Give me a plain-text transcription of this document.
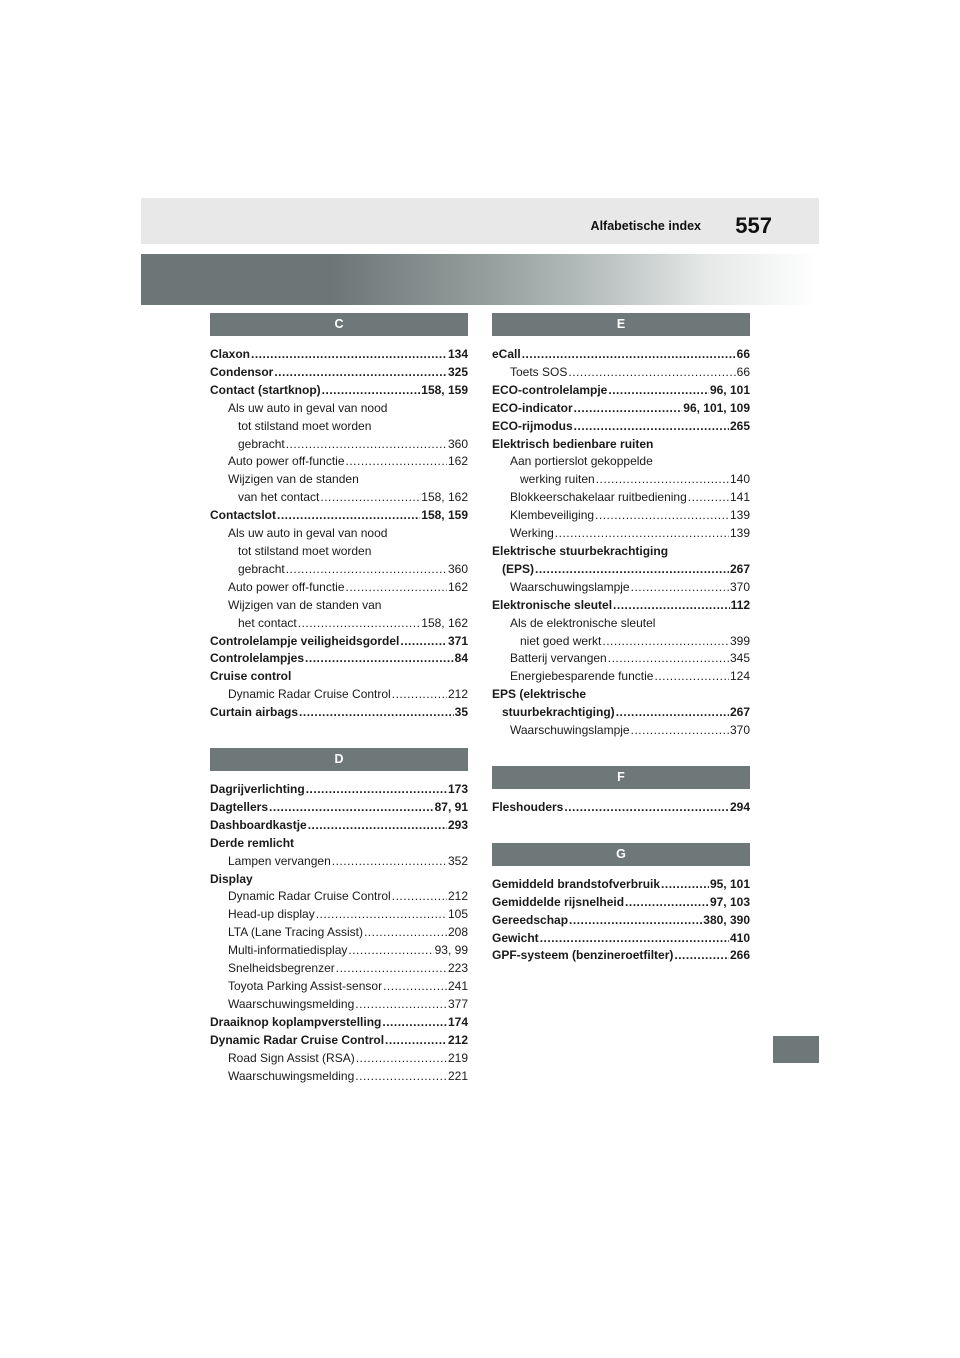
Alfabetische index 557
C
Claxon .....	134
Condensor .....	325
Contact (startknop) .....	158, 159
Als uw auto in geval van nood
tot stilstand moet worden
gebracht .....	360
Auto power off-functie .....	162
Wijzigen van de standen
van het contact .....	158, 162
Contactslot .....	158, 159
Als uw auto in geval van nood
tot stilstand moet worden
gebracht .....	360
Auto power off-functie .....	162
Wijzigen van de standen van
het contact .....	158, 162
Controlelampje veiligheidsgordel .....	371
Controlelampjes .....	84
Cruise control
Dynamic Radar Cruise Control .....	212
Curtain airbags .....	35
D
Dagrijverlichting .....	173
Dagtellers .....	87, 91
Dashboardkastje .....	293
Derde remlicht
Lampen vervangen .....	352
Display
Dynamic Radar Cruise Control .....	212
Head-up display .....	105
LTA (Lane Tracing Assist) .....	208
Multi-informatiedisplay .....	93, 99
Snelheidsbegrenzer .....	223
Toyota Parking Assist-sensor .....	241
Waarschuwingsmelding .....	377
Draaiknop koplampverstelling .....	174
Dynamic Radar Cruise Control .....	212
Road Sign Assist (RSA) .....	219
Waarschuwingsmelding .....	221
E
eCall .....	66
Toets SOS .....	66
ECO-controlelampje .....	96, 101
ECO-indicator .....	96, 101, 109
ECO-rijmodus .....	265
Elektrisch bedienbare ruiten
Aan portierslot gekoppelde
werking ruiten .....	140
Blokkeerschakelaar ruitbediening .....	141
Klembeveiliging .....	139
Werking .....	139
Elektrische stuurbekrachtiging
(EPS) .....	267
Waarschuwingslampje .....	370
Elektronische sleutel .....	112
Als de elektronische sleutel
niet goed werkt .....	399
Batterij vervangen .....	345
Energiebesparende functie .....	124
EPS (elektrische
stuurbekrachtiging) .....	267
Waarschuwingslampje .....	370
F
Fleshouders .....	294
G
Gemiddeld brandstofverbruik .....	95, 101
Gemiddelde rijsnelheid .....	97, 103
Gereedschap .....	380, 390
Gewicht .....	410
GPF-systeem (benzineroetfilter) .....	266
